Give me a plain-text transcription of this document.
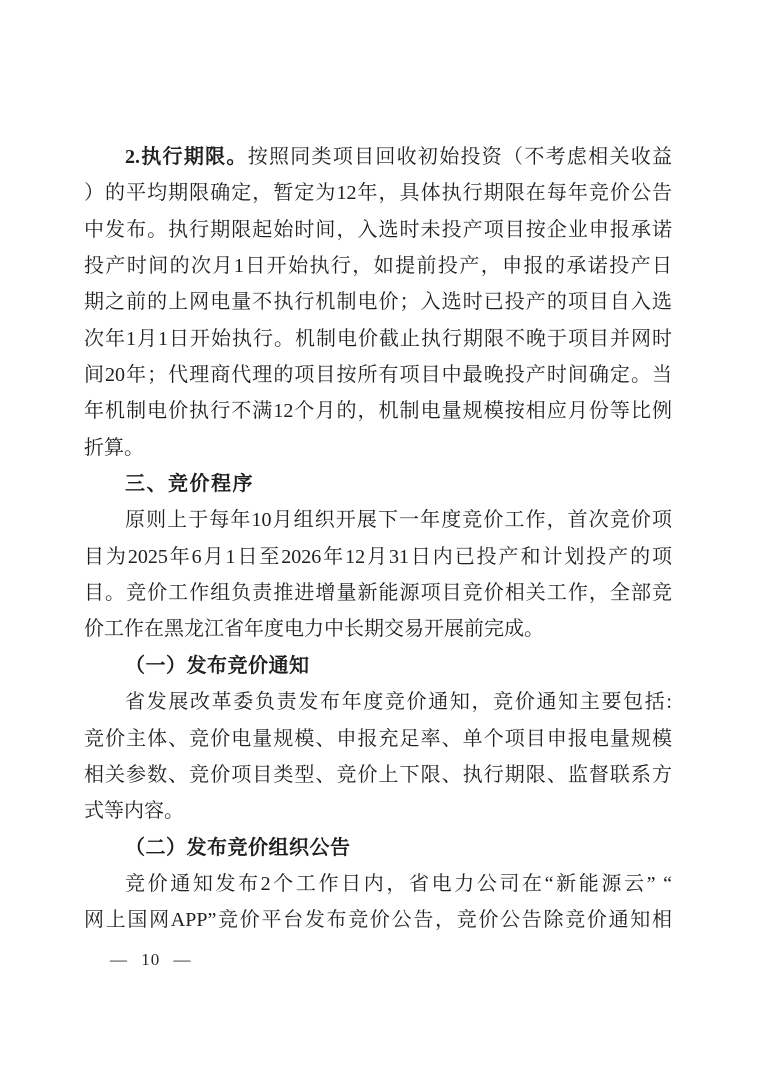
2.执行期限。按照同类项目回收初始投资（不考虑相关收益
）的平均期限确定，暂定为12年，具体执行期限在每年竞价公告
中发布。执行期限起始时间，入选时未投产项目按企业申报承诺
投产时间的次月1日开始执行，如提前投产，申报的承诺投产日
期之前的上网电量不执行机制电价；入选时已投产的项目自入选
次年1月1日开始执行。机制电价截止执行期限不晚于项目并网时
间20年；代理商代理的项目按所有项目中最晚投产时间确定。当
年机制电价执行不满12个月的，机制电量规模按相应月份等比例
折算。
三、竞价程序
原则上于每年10月组织开展下一年度竞价工作，首次竞价项
目为2025年6月1日至2026年12月31日内已投产和计划投产的项
目。竞价工作组负责推进增量新能源项目竞价相关工作，全部竞
价工作在黑龙江省年度电力中长期交易开展前完成。
（一）发布竞价通知
省发展改革委负责发布年度竞价通知，竞价通知主要包括:
竞价主体、竞价电量规模、申报充足率、单个项目申报电量规模
相关参数、竞价项目类型、竞价上下限、执行期限、监督联系方
式等内容。
（二）发布竞价组织公告
竞价通知发布2个工作日内，省电力公司在“新能源云” “
网上国网APP”竞价平台发布竞价公告，竞价公告除竞价通知相
— 10 —
